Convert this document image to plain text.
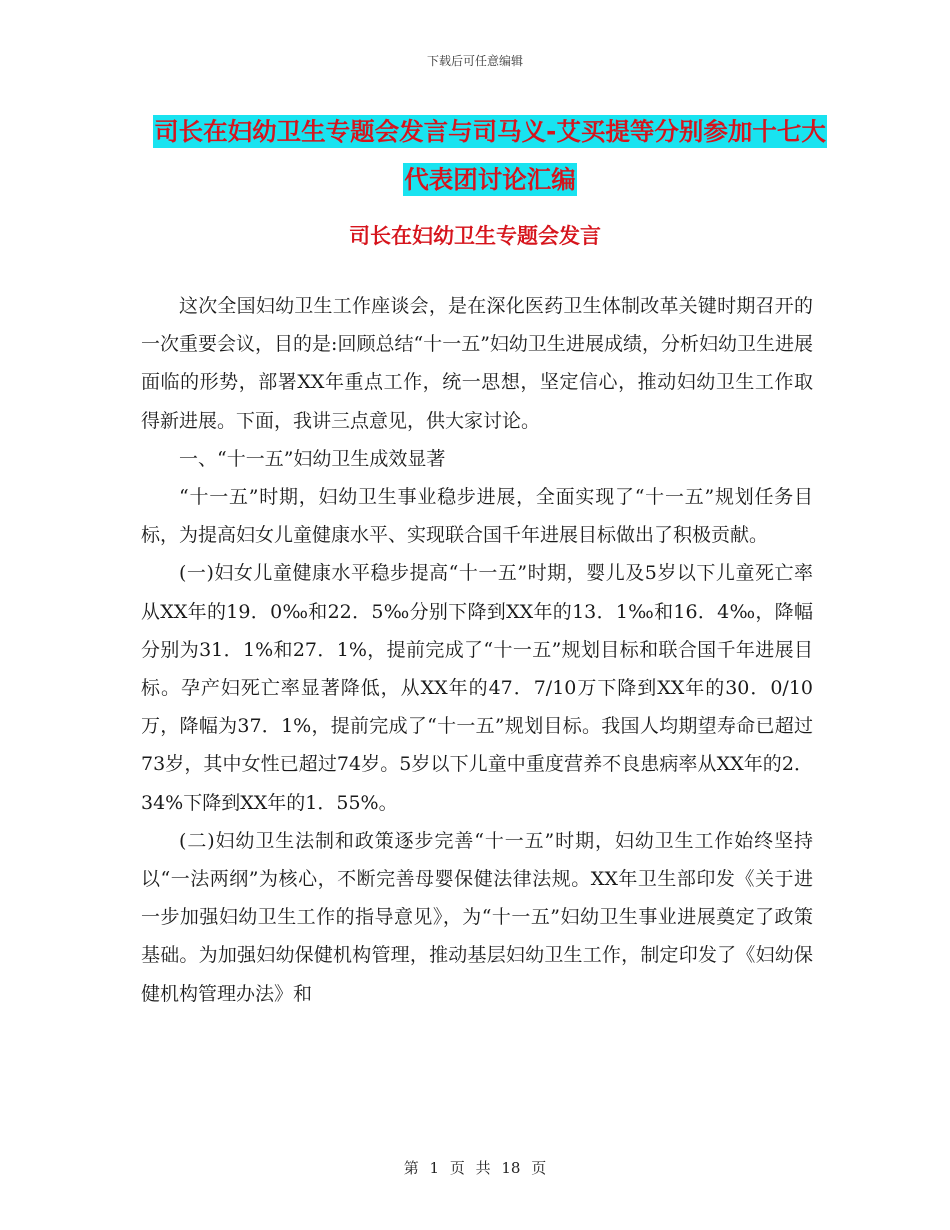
下载后可任意编辑
司长在妇幼卫生专题会发言与司马义-艾买提等分别参加十七大代表团讨论汇编
司长在妇幼卫生专题会发言

这次全国妇幼卫生工作座谈会，是在深化医药卫生体制改革关键时期召开的一次重要会议，目的是:回顾总结“十一五”妇幼卫生进展成绩，分析妇幼卫生进展面临的形势，部署XX年重点工作，统一思想，坚定信心，推动妇幼卫生工作取得新进展。下面，我讲三点意见，供大家讨论。

一、“十一五”妇幼卫生成效显著

“十一五”时期，妇幼卫生事业稳步进展，全面实现了“十一五”规划任务目标，为提高妇女儿童健康水平、实现联合国千年进展目标做出了积极贡献。

(一)妇女儿童健康水平稳步提高“十一五”时期，婴儿及5岁以下儿童死亡率从XX年的19．0‰和22．5‰分别下降到XX年的13．1‰和16．4‰，降幅分别为31．1%和27．1%，提前完成了“十一五”规划目标和联合国千年进展目标。孕产妇死亡率显著降低，从XX年的47．7/10万下降到XX年的30．0/10万，降幅为37．1%，提前完成了“十一五”规划目标。我国人均期望寿命已超过73岁，其中女性已超过74岁。5岁以下儿童中重度营养不良患病率从XX年的2．34%下降到XX年的1．55%。

(二)妇幼卫生法制和政策逐步完善“十一五”时期，妇幼卫生工作始终坚持以“一法两纲”为核心，不断完善母婴保健法律法规。XX年卫生部印发《关于进一步加强妇幼卫生工作的指导意见》，为“十一五”妇幼卫生事业进展奠定了政策基础。为加强妇幼保健机构管理，推动基层妇幼卫生工作，制定印发了《妇幼保健机构管理办法》和

第 1 页 共 18 页
